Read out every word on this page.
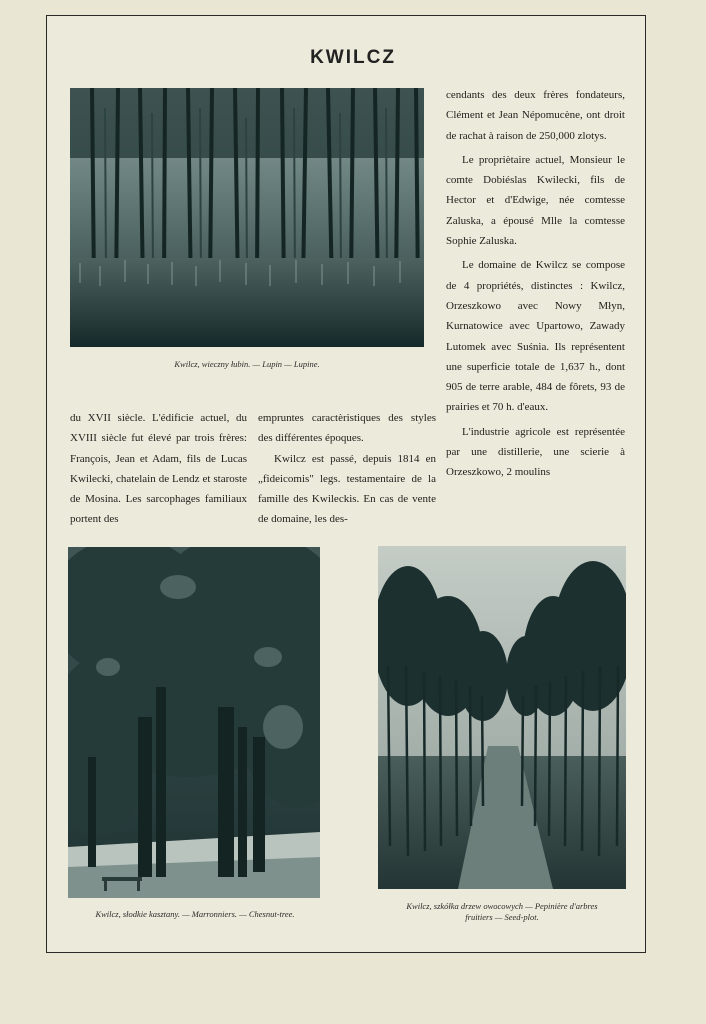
KWILCZ
Kwilcz, wieczny łubin. — Lupin — Lupine.

cendants des deux frères fondateurs, Clément et Jean Népomucène, ont droit de rachat à raison de 250,000 zlotys.

Le propriètaire actuel, Monsieur le comte Dobiéslas Kwilecki, fils de Hector et d'Edwige, née comtesse Zaluska, a épousé Mlle la comtesse Sophie Zaluska.

Le domaine de Kwilcz se compose de 4 propriétés, distinctes : Kwilcz, Orzeszkowo avec Nowy Młyn, Kurnatowice avec Upartowo, Zawady Lutomek avec Suśnia. Ils représentent une superficie totale de 1,637 h., dont 905 de terre arable, 484 de fôrets, 93 de prairies et 70 h. d'eaux.

L'industrie agricole est représentée par une distillerie, une scierie à Orzeszkowo, 2 moulins

du XVII siècle. L'édificie actuel, du XVIII siècle fut élevé par trois frères: François, Jean et Adam, fils de Lucas Kwilecki, chatelain de Lendz et staroste de Mosina. Les sarcophages familiaux portent des

empruntes caractèristiques des styles des différentes époques.

Kwilcz est passé, depuis 1814 en „fideicomis" legs. testamentaire de la famille des Kwileckis. En cas de vente de domaine, les des-

Kwilcz, słodkie kasztany. — Marronniers. — Chesnut-tree.
Kwilcz, szkółka drzew owocowych — Pepinière d'arbres
fruitiers — Seed-plot.
